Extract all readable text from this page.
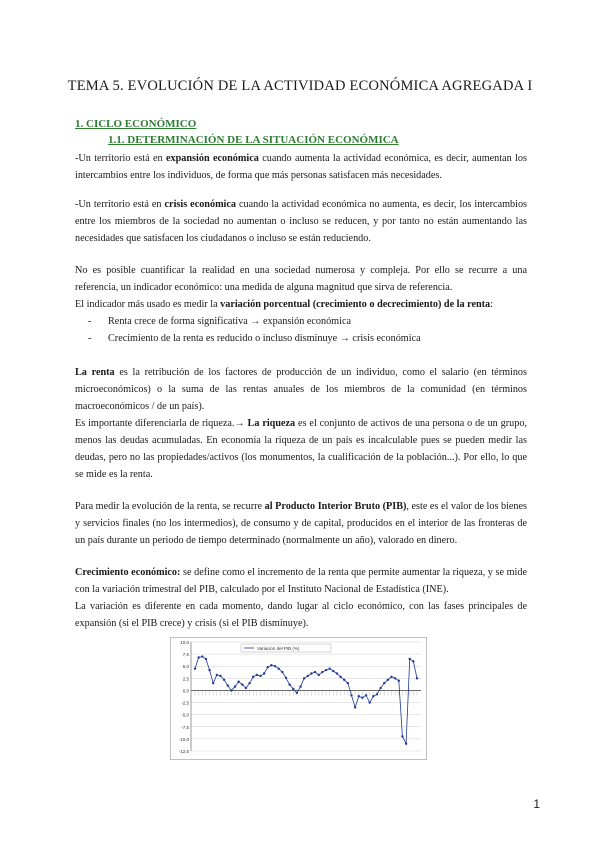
TEMA 5. EVOLUCIÓN DE LA ACTIVIDAD ECONÓMICA AGREGADA I
1. CICLO ECONÓMICO
1.1. DETERMINACIÓN DE LA SITUACIÓN ECONÓMICA

-Un territorio está en expansión económica cuando aumenta la actividad económica, es decir, aumentan los intercambios entre los individuos, de forma que más personas satisfacen más necesidades.

-Un territorio está en crisis económica cuando la actividad económica no aumenta, es decir, los intercambios entre los miembros de la sociedad no aumentan o incluso se reducen, y por tanto no están aumentando las necesidades que satisfacen los ciudadanos o incluso se están reduciendo.

No es posible cuantificar la realidad en una sociedad numerosa y compleja. Por ello se recurre a una referencia, un indicador económico: una medida de alguna magnitud que sirva de referencia.

El indicador más usado es medir la variación porcentual (crecimiento o decrecimiento) de la renta:

- Renta crece de forma significativa → expansión económica
- Crecimiento de la renta es reducido o incluso disminuye → crisis económica

La renta es la retribución de los factores de producción de un individuo, como el salario (en términos microeconómicos) o la suma de las rentas anuales de los miembros de la comunidad (en términos macroeconómicos / de un país).

Es importante diferenciarla de riqueza.→ La riqueza es el conjunto de activos de una persona o de un grupo, menos las deudas acumuladas. En economía la riqueza de un país es incalculable pues se pueden medir las deudas, pero no las propiedades/activos (los monumentos, la cualificación de la población...). Por ello, lo que se mide es la renta.

Para medir la evolución de la renta, se recurre al Producto Interior Bruto (PIB), este es el valor de los bienes y servicios finales (no los intermedios), de consumo y de capital, producidos en el interior de las fronteras de un país durante un periodo de tiempo determinado (normalmente un año), valorado en dinero.

Crecimiento económico: se define como el incremento de la renta que permite aumentar la riqueza, y se mide con la variación trimestral del PIB, calculado por el Instituto Nacional de Estadística (INE).

La variación es diferente en cada momento, dando lugar al ciclo económico, con las fases principales de expansión (si el PIB crece) y crisis (si el PIB disminuye).

10,0
7,5
5,0
2,5
0,0
-2,5
-5,0
-7,5
-10,0
-12,5
Variación del PIB (%)
1
